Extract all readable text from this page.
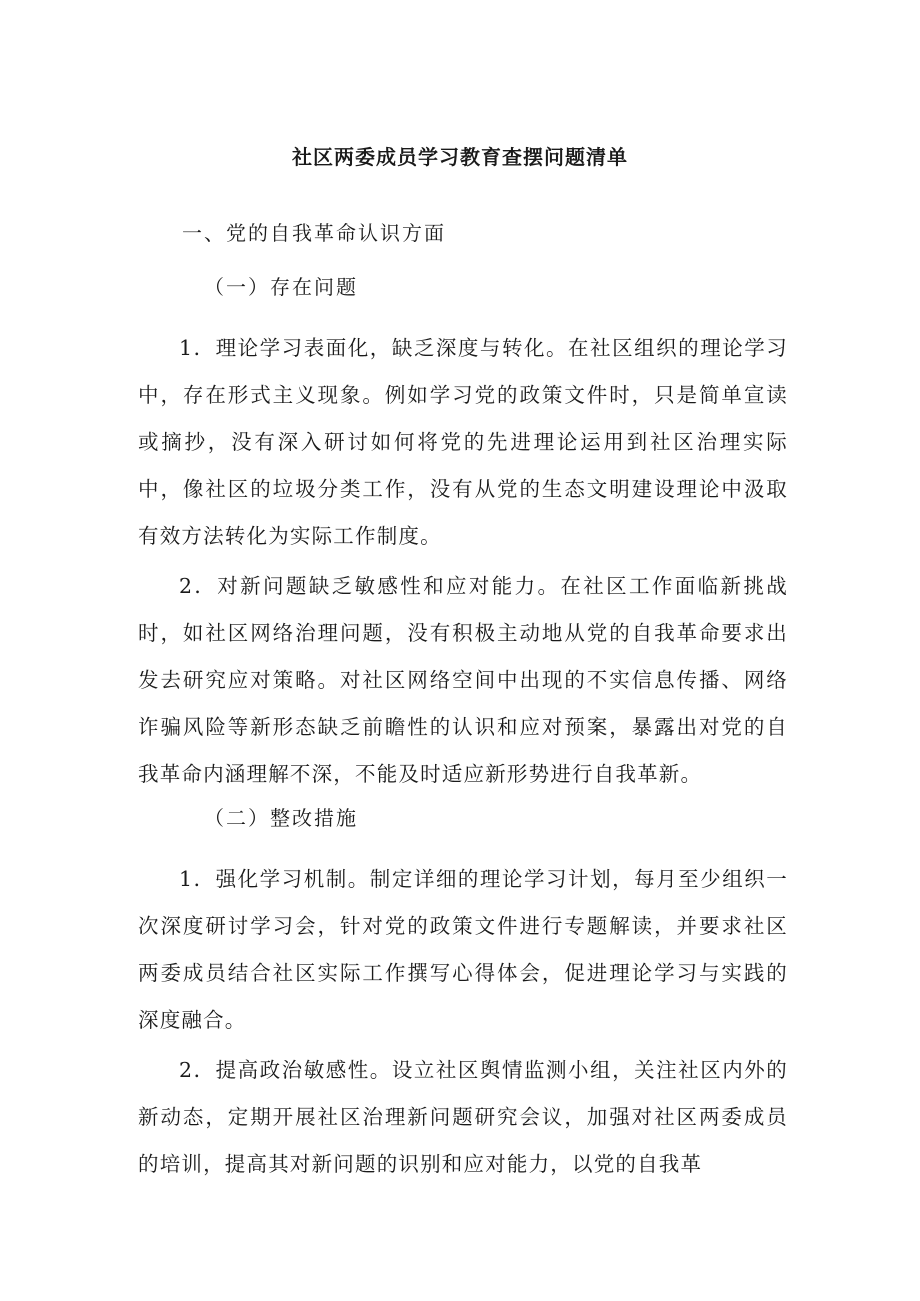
社区两委成员学习教育查摆问题清单

一、党的自我革命认识方面

（一）存在问题

1．理论学习表面化，缺乏深度与转化。在社区组织的理论学习中，存在形式主义现象。例如学习党的政策文件时，只是简单宣读或摘抄，没有深入研讨如何将党的先进理论运用到社区治理实际中，像社区的垃圾分类工作，没有从党的生态文明建设理论中汲取有效方法转化为实际工作制度。

2．对新问题缺乏敏感性和应对能力。在社区工作面临新挑战时，如社区网络治理问题，没有积极主动地从党的自我革命要求出发去研究应对策略。对社区网络空间中出现的不实信息传播、网络诈骗风险等新形态缺乏前瞻性的认识和应对预案，暴露出对党的自我革命内涵理解不深，不能及时适应新形势进行自我革新。

（二）整改措施

1．强化学习机制。制定详细的理论学习计划，每月至少组织一次深度研讨学习会，针对党的政策文件进行专题解读，并要求社区两委成员结合社区实际工作撰写心得体会，促进理论学习与实践的深度融合。

2．提高政治敏感性。设立社区舆情监测小组，关注社区内外的新动态，定期开展社区治理新问题研究会议，加强对社区两委成员的培训，提高其对新问题的识别和应对能力，以党的自我革
